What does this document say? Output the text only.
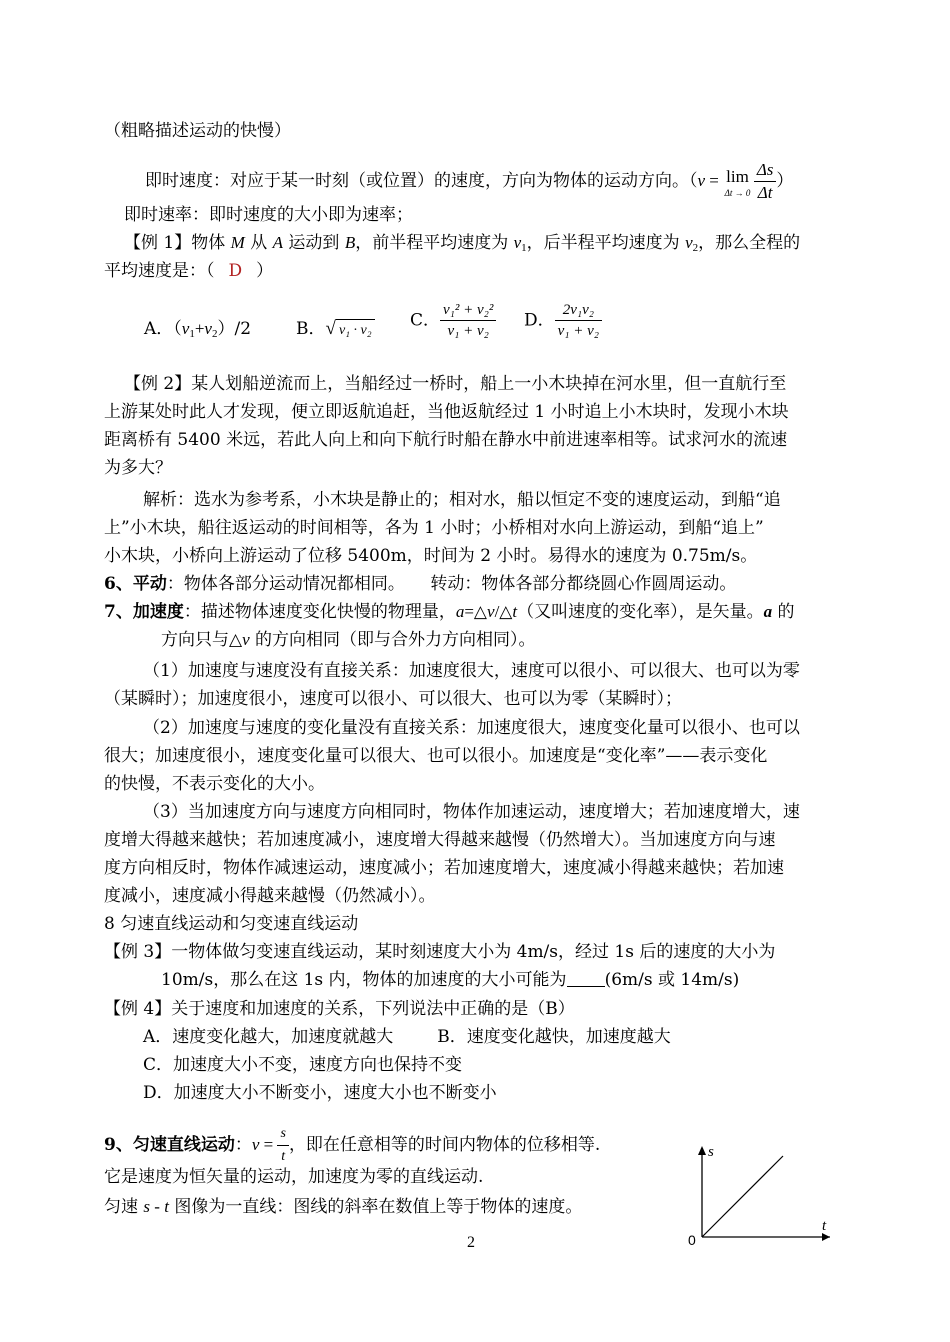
（粗略描述运动的快慢）
即时速度：对应于某一时刻（或位置）的速度，方向为物体的运动方向。（v = lim
$\Delta t \to 0 \frac{\Delta s}{\Delta t}$ ）
即时速率：即时速度的大小即为速率；
【例 1】物体 M 从 A 运动到 B，前半程平均速度为 $v_1$，后半程平均速度为 $v_2$，那么全程的
平均速度是：（ D ）
A．$(v_1+v_2)/2$	B．√ v₁ · v₂ C． $\frac{\text{v₁² + v₂²}}{\text{v₁ + v₂}}$ D． $\frac{\text{2v₁v₂}}{\text{v₁ + v₂}}$
【例 2】某人划船逆流而上，当船经过一桥时，船上一小木块掉在河水里，但一直航行至
上游某处时此人才发现，便立即返航追赶，当他返航经过 1 小时追上小木块时，发现小木块
距离桥有 5400 米远，若此人向上和向下航行时船在静水中前进速率相等。试求河水的流速
为多大？
解析：选水为参考系，小木块是静止的；相对水，船以恒定不变的速度运动，到船“追
上”小木块，船往返运动的时间相等，各为 1 小时；小桥相对水向上游运动，到船“追上”
小木块，小桥向上游运动了位移 5400m，时间为 2 小时。易得水的速度为 0.75m/s。
6、平动：物体各部分运动情况都相同。　　转动：物体各部分都绕圆心作圆周运动。
7、加速度：描述物体速度变化快慢的物理量，a=△v/△t（又叫速度的变化率），是矢量。a 的
方向只与△v 的方向相同（即与合外力方向相同）。
（1）加速度与速度没有直接关系：加速度很大，速度可以很小、可以很大、也可以为零
（某瞬时）；加速度很小，速度可以很小、可以很大、也可以为零（某瞬时）；
（2）加速度与速度的变化量没有直接关系：加速度很大，速度变化量可以很小、也可以
很大；加速度很小，速度变化量可以很大、也可以很小。加速度是“变化率”——表示变化
的快慢，不表示变化的大小。
（3）当加速度方向与速度方向相同时，物体作加速运动，速度增大；若加速度增大，速
度增大得越来越快；若加速度减小，速度增大得越来越慢（仍然增大）。当加速度方向与速
度方向相反时，物体作减速运动，速度减小；若加速度增大，速度减小得越来越快；若加速
度减小，速度减小得越来越慢（仍然减小）。
8 匀速直线运动和匀变速直线运动
【例 3】一物体做匀变速直线运动，某时刻速度大小为 4m/s，经过 1s 后的速度的大小为
10m/s，那么在这 1s 内，物体的加速度的大小可能为 (6m/s 或 14m/s)
【例 4】关于速度和加速度的关系，下列说法中正确的是（B）
A．速度变化越大，加速度就越大	B．速度变化越快，加速度越大
C．加速度大小不变，速度方向也保持不变
D．加速度大小不断变小，速度大小也不断变小
9、匀速直线运动：$v = \frac{s}{t}$ ，即在任意相等的时间内物体的位移相等.
它是速度为恒矢量的运动，加速度为零的直线运动.
匀速 s - t 图像为一直线：图线的斜率在数值上等于物体的速度。
s
t
0
2
